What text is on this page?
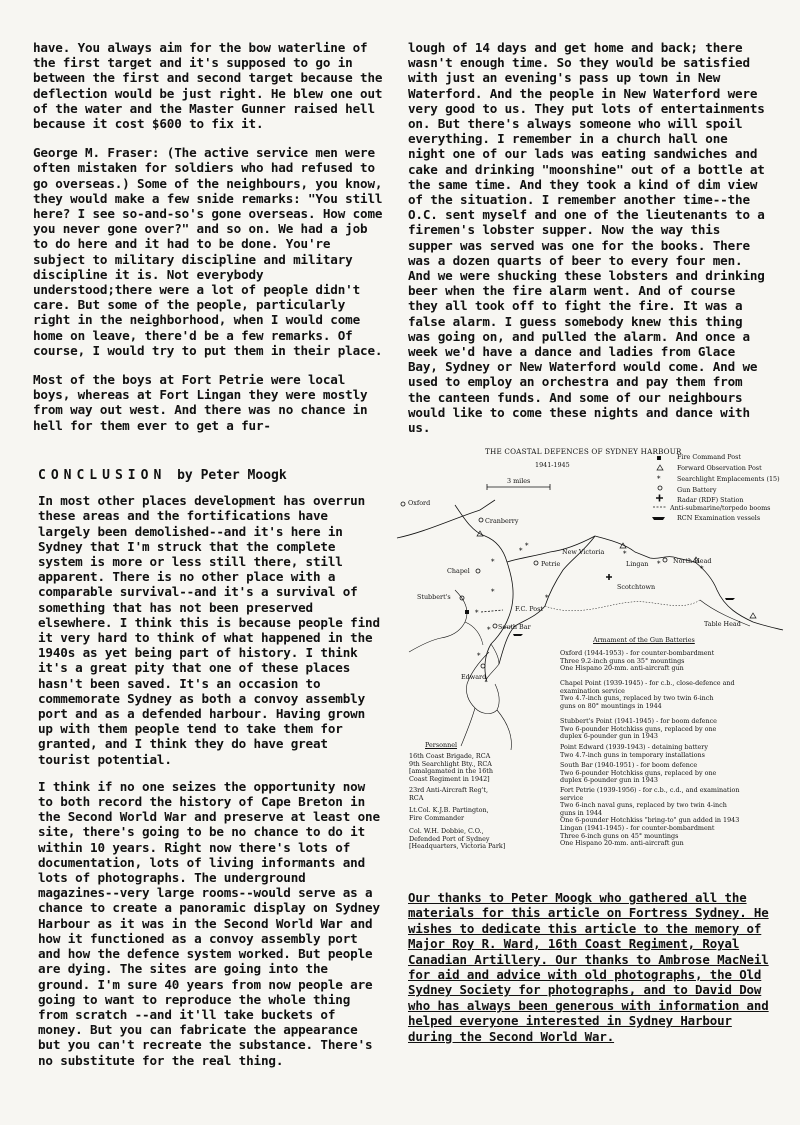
have. You always aim for the bow waterline of the first target and it's supposed to go in between the first and second target because the deflection would be just right. He blew one out of the water and the Master Gunner raised hell because it cost $600 to fix it.

George M. Fraser: (The active service men were often mistaken for soldiers who had refused to go overseas.) Some of the neighbours, you know, they would make a few snide remarks: "You still here? I see so-and-so's gone overseas. How come you never gone over?" and so on. We had a job to do here and it had to be done. You're subject to military discipline and military discipline it is. Not everybody understood;there were a lot of people didn't care. But some of the people, particularly right in the neighborhood, when I would come home on leave, there'd be a few remarks. Of course, I would try to put them in their place.

Most of the boys at Fort Petrie were local boys, whereas at Fort Lingan they were mostly from way out west. And there was no chance in hell for them ever to get a fur-

lough of 14 days and get home and back; there wasn't enough time. So they would be satisfied with just an evening's pass up town in New Waterford. And the people in New Waterford were very good to us. They put lots of entertainments on. But there's always someone who will spoil everything. I remember in a church hall one night one of our lads was eating sandwiches and cake and drinking "moonshine" out of a bottle at the same time. And they took a kind of dim view of the situation. I remember another time--the O.C. sent myself and one of the lieutenants to a firemen's lobster supper. Now the way this supper was served was one for the books. There was a dozen quarts of beer to every four men. And we were shucking these lobsters and drinking beer when the fire alarm went. And of course they all took off to fight the fire. It was a false alarm. I guess somebody knew this thing was going on, and pulled the alarm. And once a week we'd have a dance and ladies from Glace Bay, Sydney or New Waterford would come. And we used to employ an orchestra and pay them from the canteen funds. And some of our neighbours would like to come these nights and dance with us.

CONCLUSION by Peter Moogk

In most other places development has overrun these areas and the fortifications have largely been demolished--and it's here in Sydney that I'm struck that the complete system is more or less still there, still apparent. There is no other place with a comparable survival--and it's a survival of something that has not been preserved elsewhere. I think this is because people find it very hard to think of what happened in the 1940s as yet being part of history. I think it's a great pity that one of these places hasn't been saved. It's an occasion to commemorate Sydney as both a convoy assembly port and as a defended harbour. Having grown up with them people tend to take them for granted, and I think they do have great tourist potential.

I think if no one seizes the opportunity now to both record the history of Cape Breton in the Second World War and preserve at least one site, there's going to be no chance to do it within 10 years. Right now there's lots of documentation, lots of living informants and lots of photographs. The underground magazines--very large rooms--would serve as a chance to create a panoramic display on Sydney Harbour as it was in the Second World War and how it functioned as a convoy assembly port and how the defence system worked. But people are dying. The sites are going into the ground. I'm sure 40 years from now people are going to want to reproduce the whole thing from scratch --and it'll take buckets of money. But you can fabricate the appearance but you can't recreate the substance. There's no substitute for the real thing.

*
*
*
*
*
*
*
*
*
*
*
*
THE COASTAL DEFENCES OF SYDNEY HARBOUR
1941-1945
3 miles
Fire Command Post
Forward Observation Post
Searchlight Emplacements (15)
Gun Battery
Radar (RDF) Station
Anti-submarine/torpedo booms
RCN Examination vessels
Oxford
Cranberry
New Victoria
Petrie	Lingan	North Head
Chapel
Stubbert's
F.C. Post
Scotchtown
South Bar	Table Head
Edward
Armament of the Gun Batteries
Oxford (1944-1953) - for counter-bombardment
Three 9.2-inch guns on 35° mountings
One Hispano 20-mm. anti-aircraft gun
Chapel Point (1939-1945) - for c.b., close-defence and
examination service
Two 4.7-inch guns, replaced by two twin 6-inch
guns on 80° mountings in 1944
Stubbert's Point (1941-1945) - for boom defence
Two 6-pounder Hotchkiss guns, replaced by one
duplex 6-pounder gun in 1943
Point Edward (1939-1943) - detaining battery
Two 4.7-inch guns in temporary installations
South Bar (1940-1951) - for boom defence
Two 6-pounder Hotchkiss guns, replaced by one
duplex 6-pounder gun in 1943
Fort Petrie (1939-1956) - for c.b., c.d., and examination
service
Two 6-inch naval guns, replaced by two twin 4-inch
guns in 1944
One 6-pounder Hotchkiss "bring-to" gun added in 1943
Lingan (1941-1945) - for counter-bombardment
Three 6-inch guns on 45° mountings
One Hispano 20-mm. anti-aircraft gun
Personnel
16th Coast Brigade, RCA
9th Searchlight Bty., RCA
[amalgamated in the 16th
Coast Regiment in 1942]
23rd Anti-Aircraft Reg't,
RCA
Lt.Col. K.J.B. Partington,
Fire Commander
Col. W.H. Dobbie, C.O.,
Defended Port of Sydney
[Headquarters, Victoria Park]
Our thanks to Peter Moogk who gathered all the materials for this article on Fortress Sydney. He wishes to dedicate this article to the memory of Major Roy R. Ward, 16th Coast Regiment, Royal Canadian Artillery. Our thanks to Ambrose MacNeil for aid and advice with old photographs, the Old Sydney Society for photographs, and to David Dow who has always been generous with information and helped everyone interested in Sydney Harbour during the Second World War.
